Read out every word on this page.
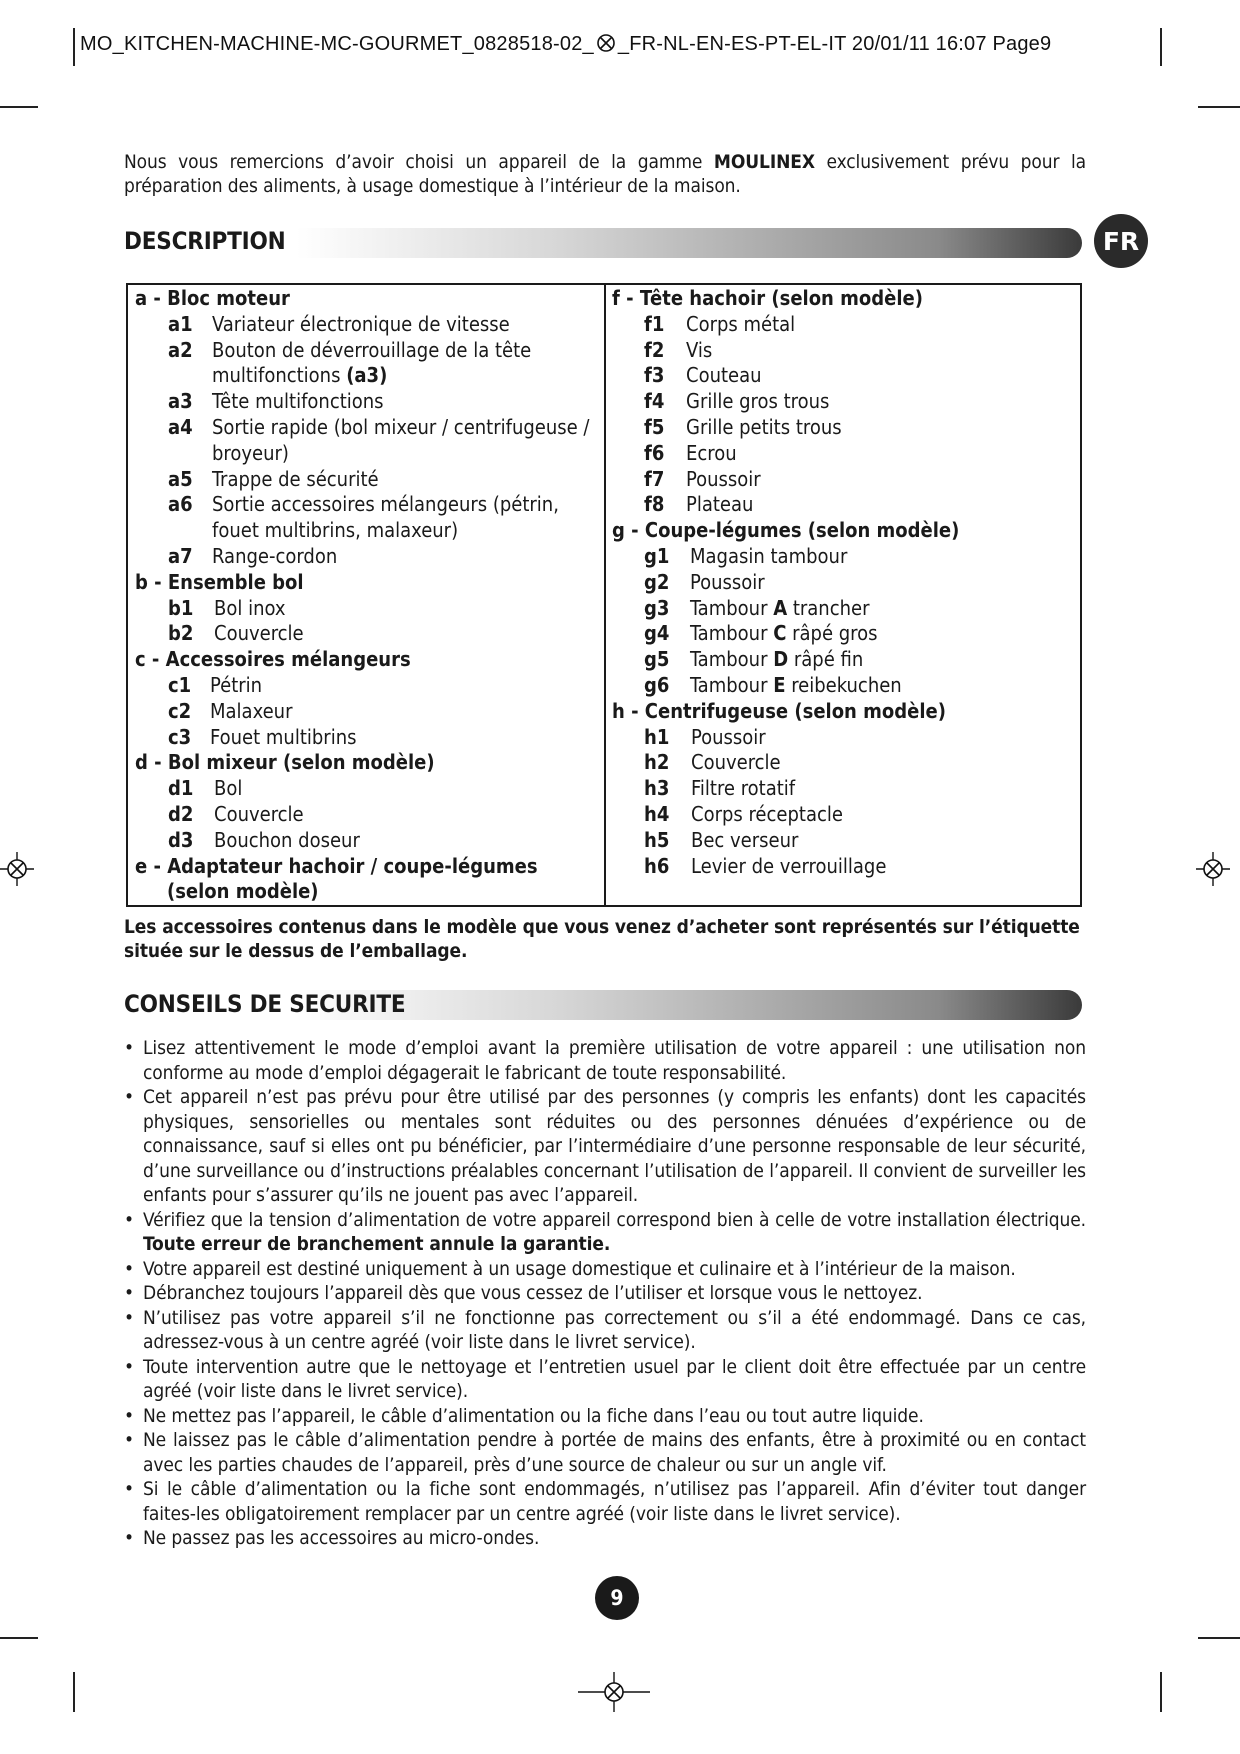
MO_KITCHEN-MACHINE-MC-GOURMET_0828518-02_ _FR-NL-EN-ES-PT-EL-IT 20/01/11 16:07 Page9

Nous vous remercions d’avoir choisi un appareil de la gamme MOULINEX exclusivement prévu pour la préparation des aliments, à usage domestique à l’intérieur de la maison.

DESCRIPTION	FR
a - Bloc moteur
a1 Variateur électronique de vitesse
a2 Bouton de déverrouillage de la tête multifonctions (a3)
a3 Tête multifonctions
a4 Sortie rapide (bol mixeur / centrifugeuse / broyeur)
a5 Trappe de sécurité
a6 Sortie accessoires mélangeurs (pétrin, fouet multibrins, malaxeur)
a7 Range-cordon
b - Ensemble bol
b1	Bol inox
b2	Couvercle
c - Accessoires mélangeurs
c1 Pétrin
c2 Malaxeur
c3 Fouet multibrins
d - Bol mixeur (selon modèle)
d1	Bol
d2	Couvercle
d3	Bouchon doseur
e - Adaptateur hachoir / coupe-légumes (selon modèle)
f - Tête hachoir (selon modèle)
f1	Corps métal
f2	Vis
f3	Couteau
f4	Grille gros trous
f5	Grille petits trous
f6	Ecrou
f7	Poussoir
f8	Plateau
g - Coupe-légumes (selon modèle)
g1	Magasin tambour
g2	Poussoir
g3	Tambour A trancher
g4	Tambour C râpé gros
g5	Tambour D râpé fin
g6	Tambour E reibekuchen
h - Centrifugeuse (selon modèle)
h1	Poussoir
h2	Couvercle
h3	Filtre rotatif
h4	Corps réceptacle
h5	Bec verseur
h6	Levier de verrouillage

Les accessoires contenus dans le modèle que vous venez d’acheter sont représentés sur l’étiquette située sur le dessus de l’emballage.

CONSEILS DE SECURITE
• Lisez attentivement le mode d’emploi avant la première utilisation de votre appareil : une utilisation non conforme au mode d’emploi dégagerait le fabricant de toute responsabilité.
• Cet appareil n’est pas prévu pour être utilisé par des personnes (y compris les enfants) dont les capacités physiques, sensorielles ou mentales sont réduites ou des personnes dénuées d’expérience ou de connaissance, sauf si elles ont pu bénéficier, par l’intermédiaire d’une personne responsable de leur sécurité, d’une surveillance ou d’instructions préalables concernant l’utilisation de l’appareil. Il convient de surveiller les enfants pour s’assurer qu’ils ne jouent pas avec l’appareil.
• Vérifiez que la tension d’alimentation de votre appareil correspond bien à celle de votre installation électrique. Toute erreur de branchement annule la garantie.
• Votre appareil est destiné uniquement à un usage domestique et culinaire et à l’intérieur de la maison.
• Débranchez toujours l’appareil dès que vous cessez de l’utiliser et lorsque vous le nettoyez.
• N’utilisez pas votre appareil s’il ne fonctionne pas correctement ou s’il a été endommagé. Dans ce cas, adressez-vous à un centre agréé (voir liste dans le livret service).
• Toute intervention autre que le nettoyage et l’entretien usuel par le client doit être effectuée par un centre agréé (voir liste dans le livret service).
• Ne mettez pas l’appareil, le câble d’alimentation ou la fiche dans l’eau ou tout autre liquide.
• Ne laissez pas le câble d’alimentation pendre à portée de mains des enfants, être à proximité ou en contact avec les parties chaudes de l’appareil, près d’une source de chaleur ou sur un angle vif.
• Si le câble d’alimentation ou la fiche sont endommagés, n’utilisez pas l’appareil. Afin d’éviter tout danger faites-les obligatoirement remplacer par un centre agréé (voir liste dans le livret service).
• Ne passez pas les accessoires au micro-ondes.
9
